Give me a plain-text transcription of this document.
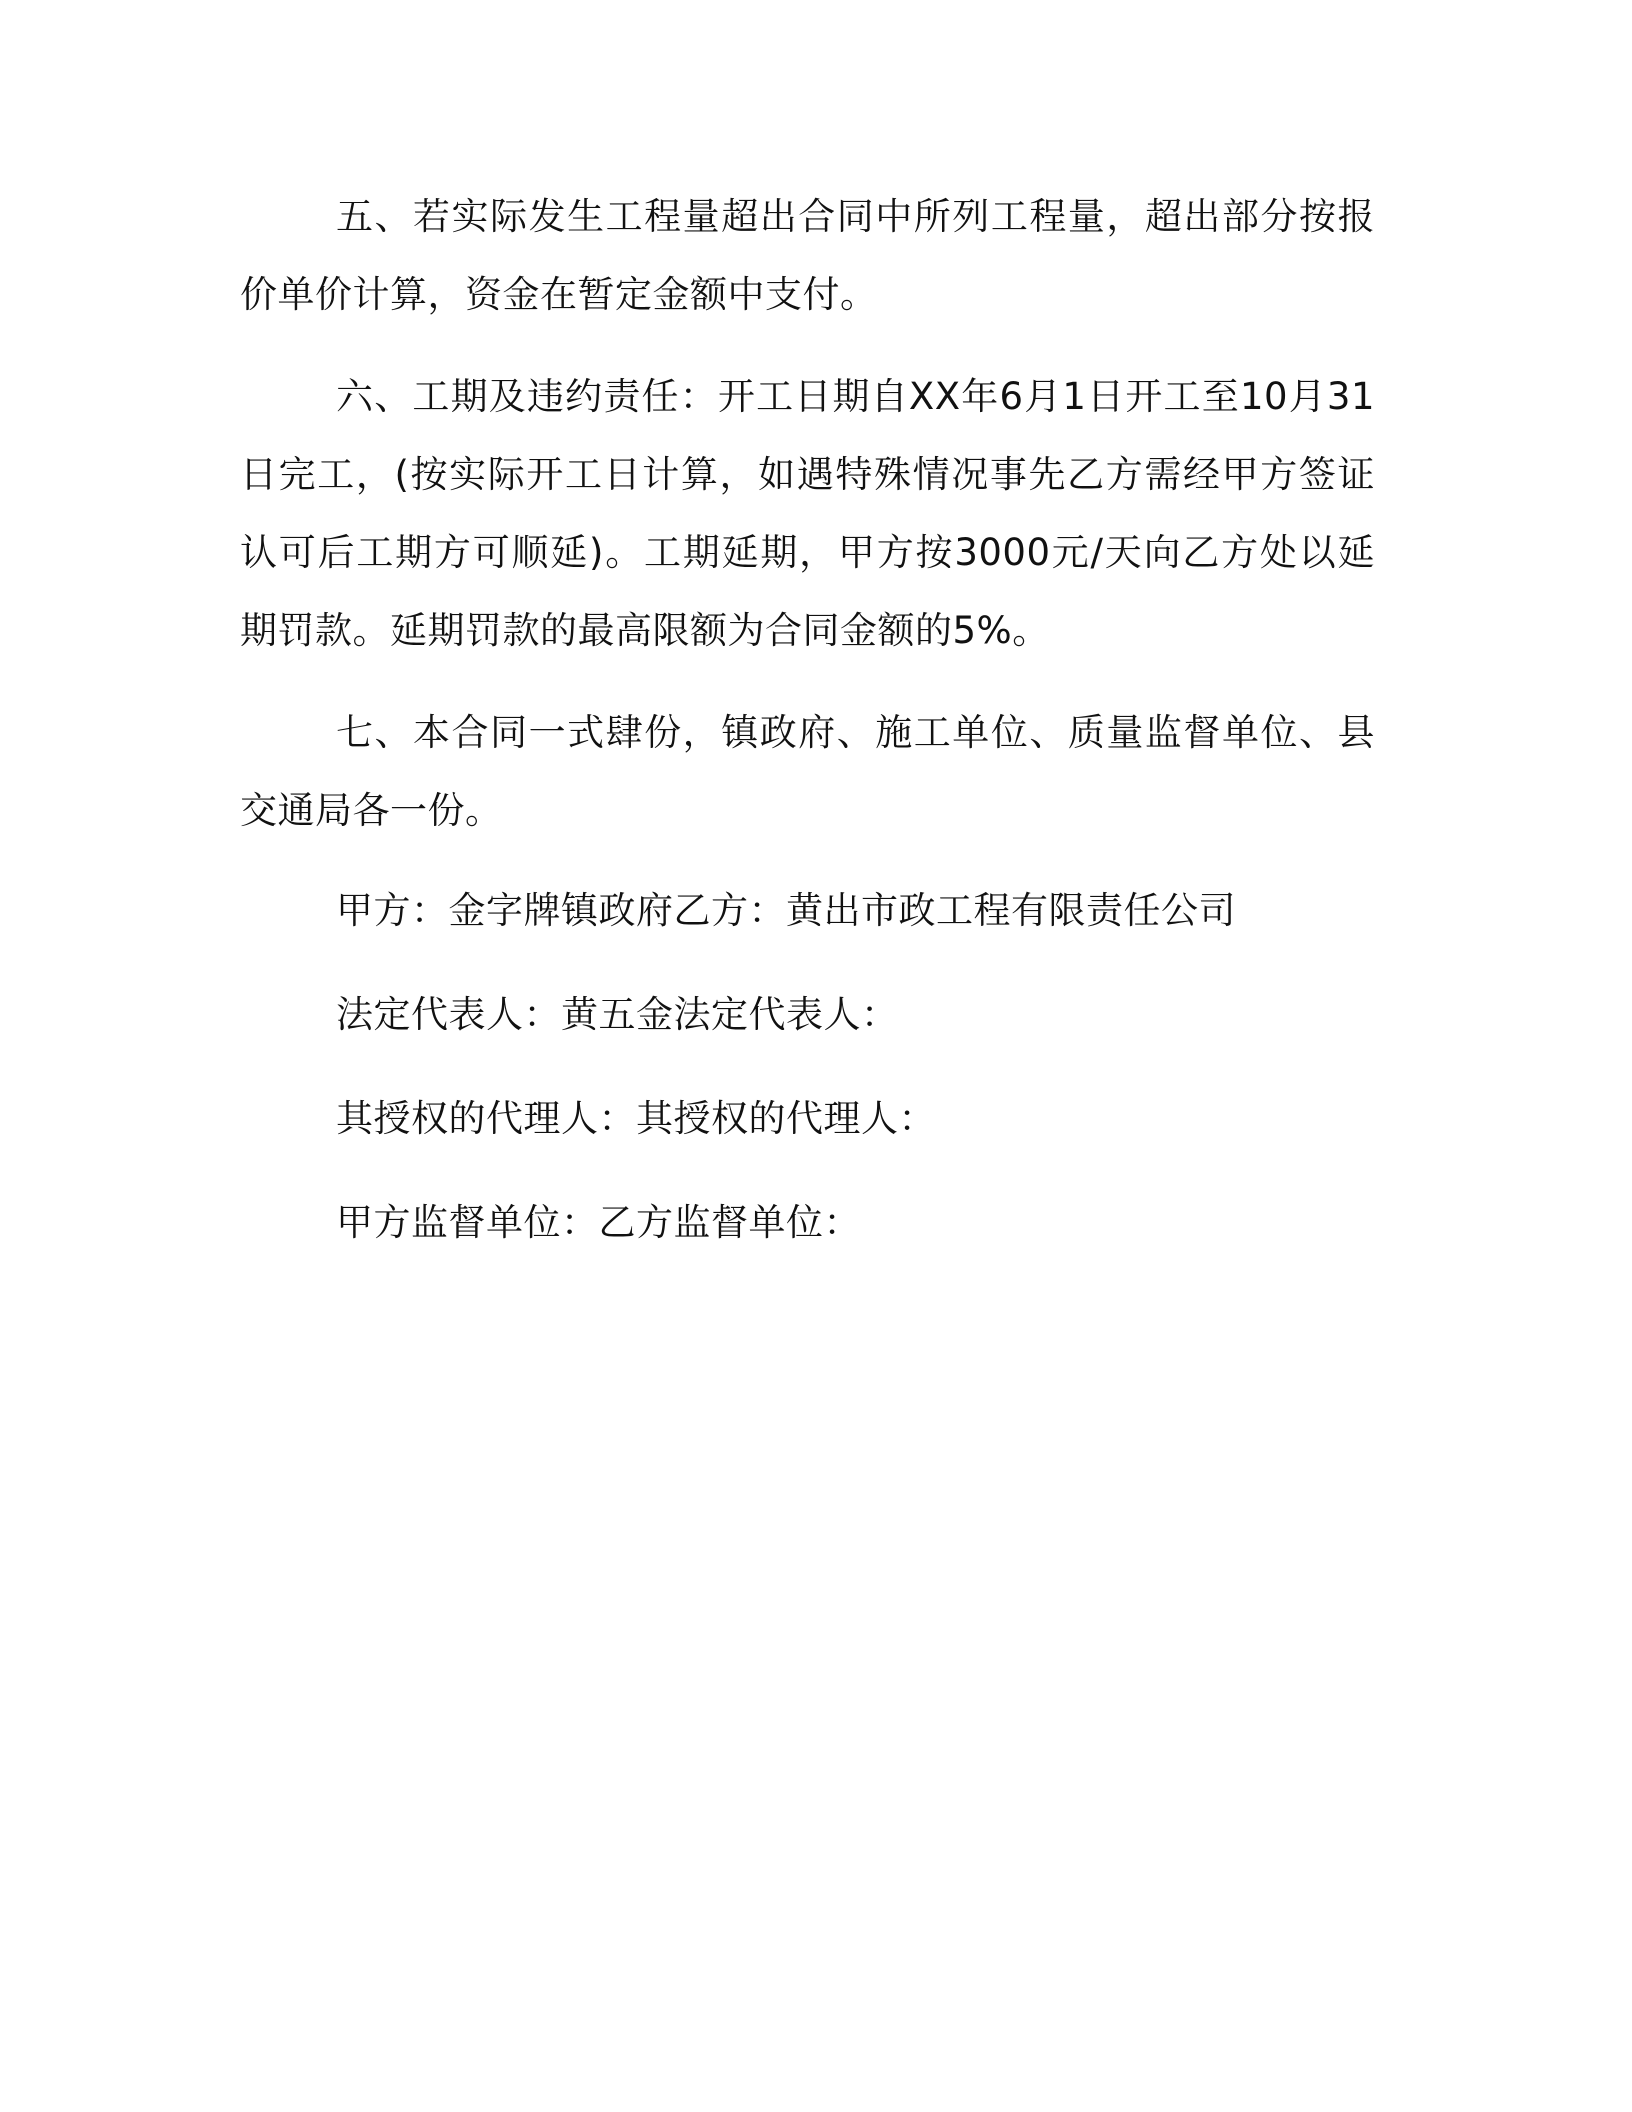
五、若实际发生工程量超出合同中所列工程量，超出部分按报价单价计算，资金在暂定金额中支付。

六、工期及违约责任：开工日期自XX年6月1日开工至10月31日完工，(按实际开工日计算，如遇特殊情况事先乙方需经甲方签证认可后工期方可顺延)。工期延期，甲方按3000元/天向乙方处以延期罚款。延期罚款的最高限额为合同金额的5%。

七、本合同一式肆份，镇政府、施工单位、质量监督单位、县交通局各一份。

甲方：金字牌镇政府乙方：黄出市政工程有限责任公司

法定代表人：黄五金法定代表人：

其授权的代理人：其授权的代理人：

甲方监督单位：乙方监督单位：
